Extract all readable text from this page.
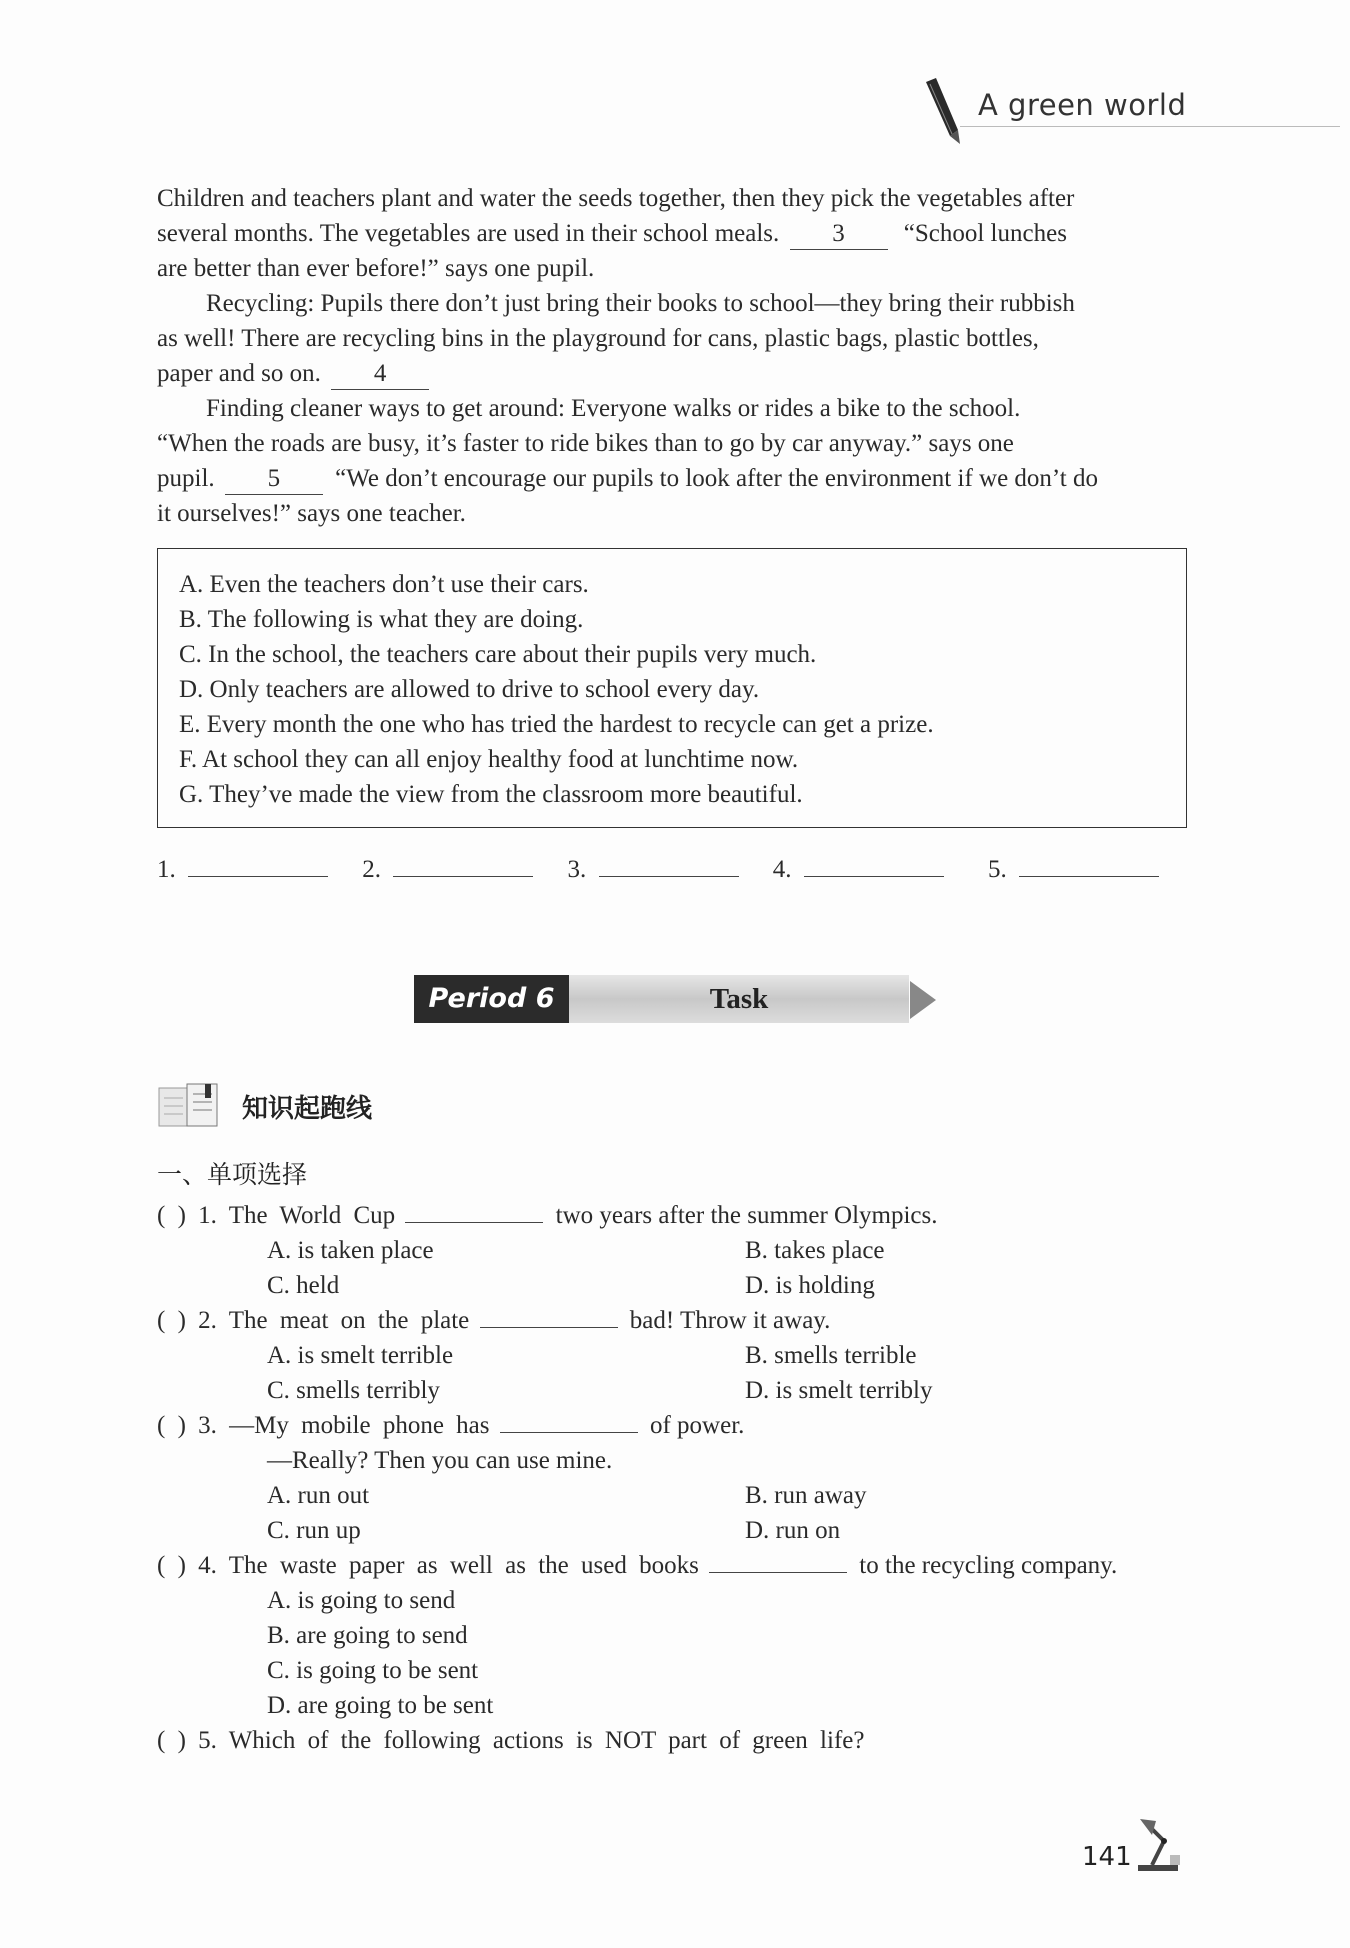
A green world
Children and teachers plant and water the seeds together, then they pick the vegetables after
several months. The vegetables are used in their school meals. 3 “School lunches
are better than ever before!” says one pupil.
Recycling: Pupils there don’t just bring their books to school—they bring their rubbish
as well! There are recycling bins in the playground for cans, plastic bags, plastic bottles,
paper and so on. 4
Finding cleaner ways to get around: Everyone walks or rides a bike to the school.
“When the roads are busy, it’s faster to ride bikes than to go by car anyway.” says one
pupil. 5 “We don’t encourage our pupils to look after the environment if we don’t do
it ourselves!” says one teacher.
A. Even the teachers don’t use their cars.
B. The following is what they are doing.
C. In the school, the teachers care about their pupils very much.
D. Only teachers are allowed to drive to school every day.
E. Every month the one who has tried the hardest to recycle can get a prize.
F. At school they can all enjoy healthy food at lunchtime now.
G. They’ve made the view from the classroom more beautiful.
1.	2.	3.	4.	5.
Period 6	Task
知识起跑线
一、单项选择
( ) 1. The World Cup	two years after the summer Olympics.
A. is taken place	B. takes place
C. held	D. is holding
( ) 2. The meat on the plate	bad! Throw it away.
A. is smelt terrible	B. smells terrible
C. smells terribly	D. is smelt terribly
( ) 3. —My mobile phone has	of power.
—Really? Then you can use mine.
A. run out	B. run away
C. run up	D. run on
( ) 4. The waste paper as well as the used books	to the recycling company.
A. is going to send
B. are going to send
C. is going to be sent
D. are going to be sent
( ) 5. Which of the following actions is NOT part of green life?
141
